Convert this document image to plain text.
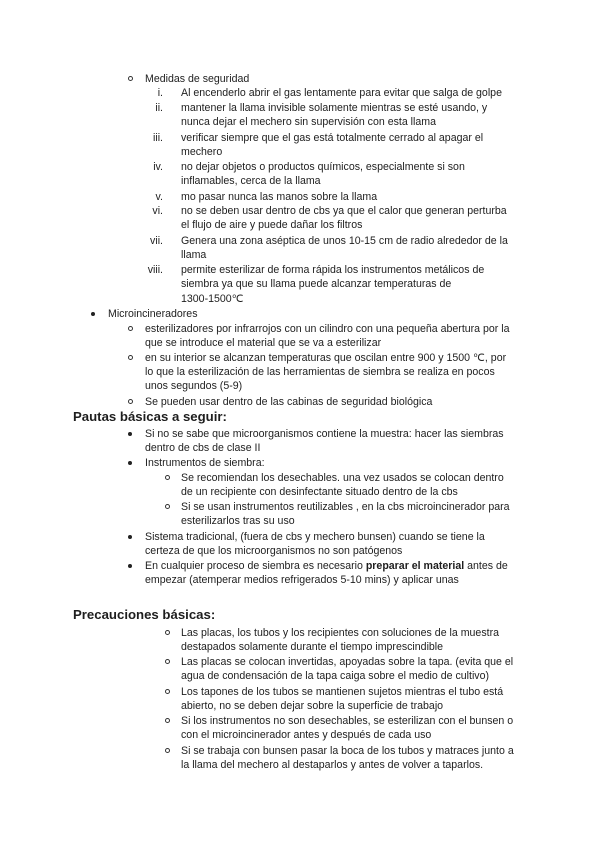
Medidas de seguridad
i. Al encenderlo abrir el gas lentamente para evitar que salga de golpe
ii. mantener la llama invisible solamente mientras se esté usando, y
nunca dejar el mechero sin supervisión con esta llama
iii. verificar siempre que el gas está totalmente cerrado al apagar el
mechero
iv. no dejar objetos o productos químicos, especialmente si son
inflamables, cerca de la llama
v. mo pasar nunca las manos sobre la llama
vi. no se deben usar dentro de cbs ya que el calor que generan perturba
el flujo de aire y puede dañar los filtros
vii. Genera una zona aséptica de unos 10-15 cm de radio alrededor de la
llama
viii. permite esterilizar de forma rápida los instrumentos metálicos de
siembra ya que su llama puede alcanzar temperaturas de
1300-1500℃
Microincineradores
esterilizadores por infrarrojos con un cilindro con una pequeña abertura por la
que se introduce el material que se va a esterilizar
en su interior se alcanzan temperaturas que oscilan entre 900 y 1500 ℃, por
lo que la esterilización de las herramientas de siembra se realiza en pocos
unos segundos (5-9)
Se pueden usar dentro de las cabinas de seguridad biológica
Pautas básicas a seguir:
Si no se sabe que microorganismos contiene la muestra: hacer las siembras
dentro de cbs de clase II
Instrumentos de siembra:
Se recomiendan los desechables. una vez usados se colocan dentro
de un recipiente con desinfectante situado dentro de la cbs
Si se usan instrumentos reutilizables , en la cbs microincinerador para
esterilizarlos tras su uso
Sistema tradicional, (fuera de cbs y mechero bunsen) cuando se tiene la
certeza de que los microorganismos no son patógenos
En cualquier proceso de siembra es necesario preparar el material antes de
empezar (atemperar medios refrigerados 5-10 mins) y aplicar unas
Precauciones básicas:
Las placas, los tubos y los recipientes con soluciones de la muestra
destapados solamente durante el tiempo imprescindible
Las placas se colocan invertidas, apoyadas sobre la tapa. (evita que el
agua de condensación de la tapa caiga sobre el medio de cultivo)
Los tapones de los tubos se mantienen sujetos mientras el tubo está
abierto, no se deben dejar sobre la superficie de trabajo
Si los instrumentos no son desechables, se esterilizan con el bunsen o
con el microincinerador antes y después de cada uso
Si se trabaja con bunsen pasar la boca de los tubos y matraces junto a
la llama del mechero al destaparlos y antes de volver a taparlos.
